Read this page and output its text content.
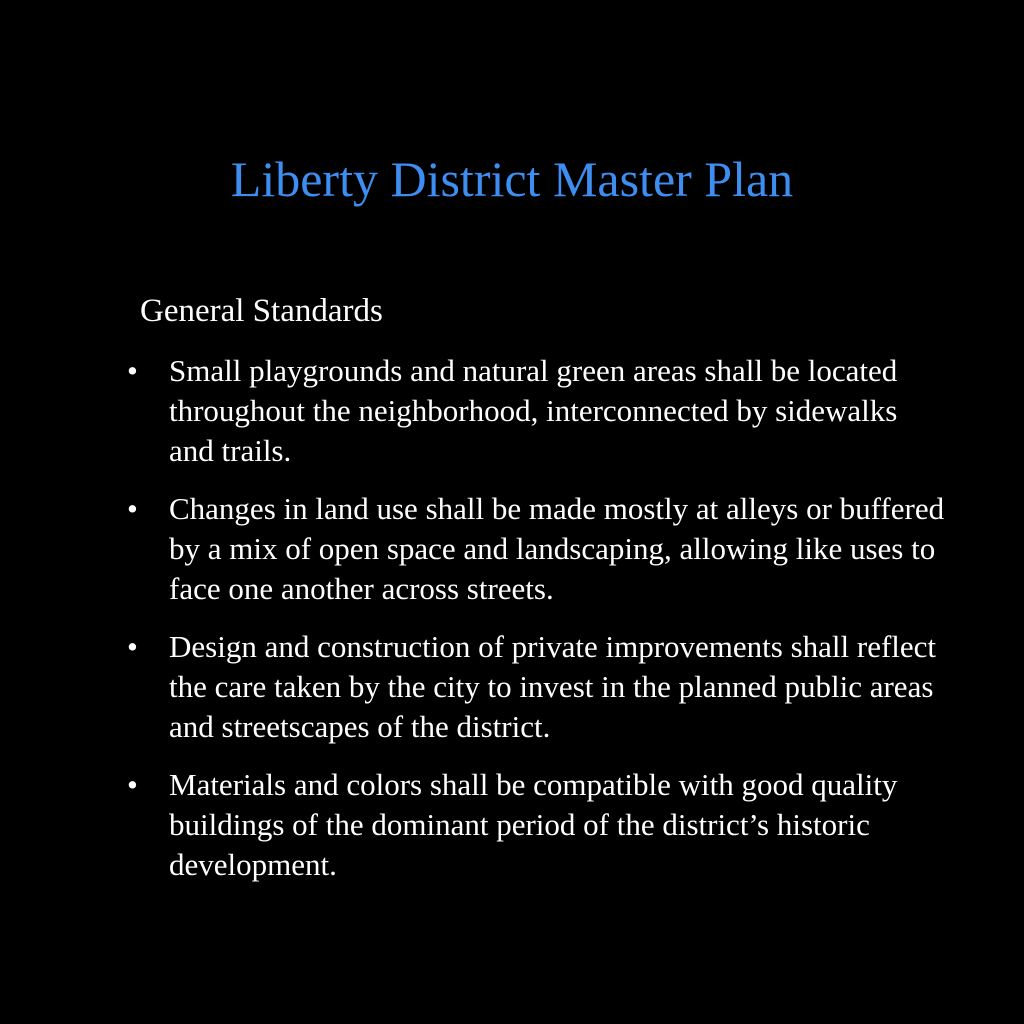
Liberty District Master Plan
General Standards
• Small playgrounds and natural green areas shall be located throughout the neighborhood, interconnected by sidewalks and trails.
• Changes in land use shall be made mostly at alleys or buffered by a mix of open space and landscaping, allowing like uses to face one another across streets.
• Design and construction of private improvements shall reflect the care taken by the city to invest in the planned public areas and streetscapes of the district.
• Materials and colors shall be compatible with good quality buildings of the dominant period of the district’s historic development.
